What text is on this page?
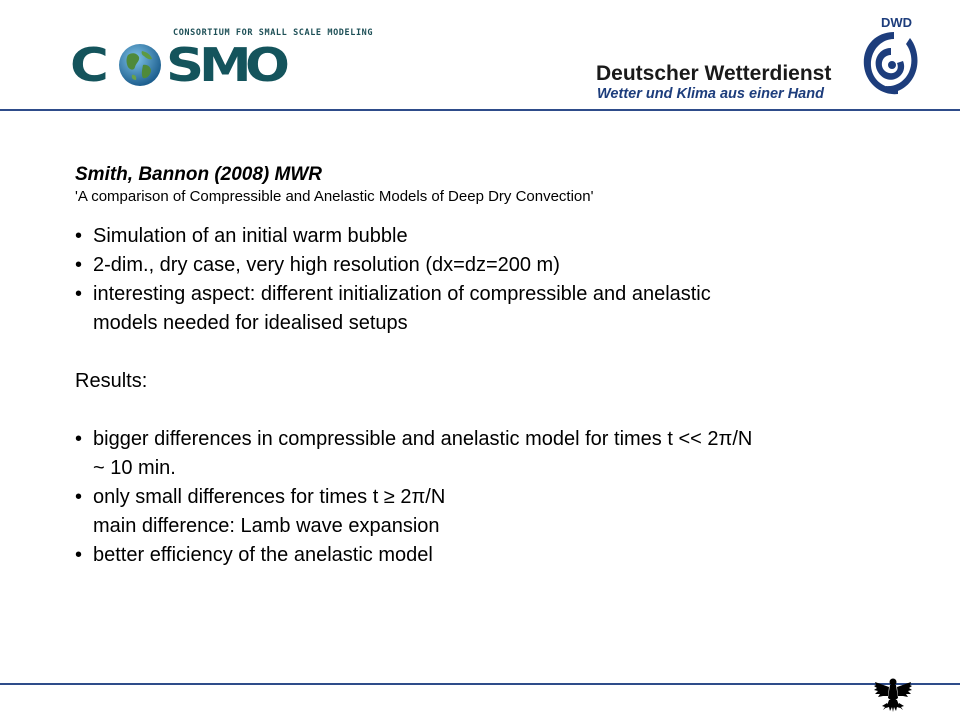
CONSORTIUM FOR SMALL SCALE MODELING
C S
M
O	Deutscher Wetterdienst
Wetter und Klima aus einer Hand
DWD
Smith, Bannon (2008) MWR
'A comparison of Compressible and Anelastic Models of Deep Dry Convection'
• Simulation of an initial warm bubble
• 2-dim., dry case, very high resolution (dx=dz=200 m)
• interesting aspect: different initialization of compressible and anelastic
models needed for idealised setups
Results:
• bigger differences in compressible and anelastic model for times t << 2π/N
~ 10 min.
• only small differences for times t ≥ 2π/N
main difference: Lamb wave expansion
• better efficiency of the anelastic model
